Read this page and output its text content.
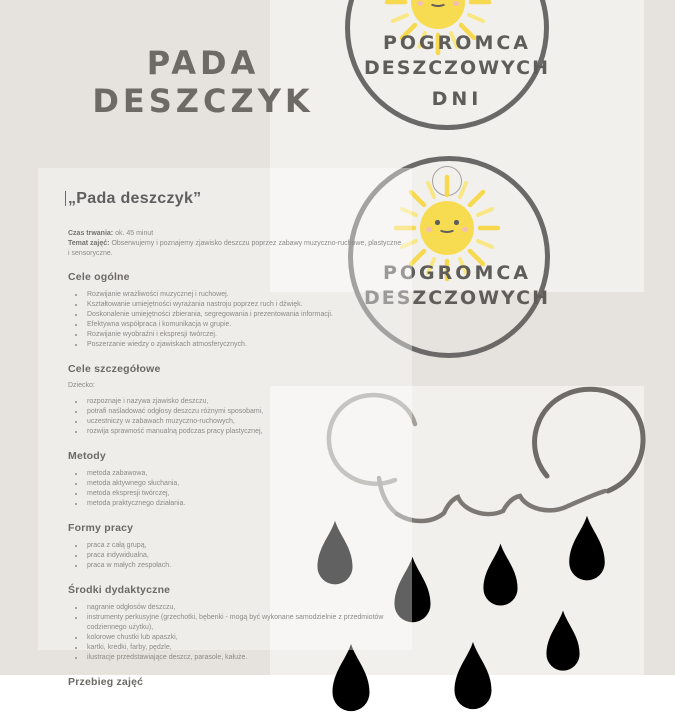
POGROMCA
DESZCZOWYCH
DNI
POGROMCA
DESZCZOWYCH
PADA
DESZCZYK
„Pada deszczyk”
Czas trwania: ok. 45 minut
Temat zajęć: Obserwujemy i poznajemy zjawisko deszczu poprzez zabawy muzyczno-ruchowe, plastyczne i sensoryczne.
Cele ogólne
• Rozwijanie wrażliwości muzycznej i ruchowej.
• Kształtowanie umiejętności wyrażania nastroju poprzez ruch i dźwięk.
• Doskonalenie umiejętności zbierania, segregowania i prezentowania informacji.
• Efektywna współpraca i komunikacja w grupie.
• Rozwijanie wyobraźni i ekspresji twórczej.
• Poszerzanie wiedzy o zjawiskach atmosferycznych.
Cele szczegółowe

Dziecko:

• rozpoznaje i nazywa zjawisko deszczu,
• potrafi naśladować odgłosy deszczu różnymi sposobami,
• uczestniczy w zabawach muzyczno-ruchowych,
• rozwija sprawność manualną podczas pracy plastycznej,
Metody
• metoda zabawowa,
• metoda aktywnego słuchania,
• metoda ekspresji twórczej,
• metoda praktycznego działania.
Formy pracy
• praca z całą grupą,
• praca indywidualna,
• praca w małych zespołach.
Środki dydaktyczne
• nagranie odgłosów deszczu,
• instrumenty perkusyjne (grzechotki, bębenki - mogą być wykonane samodzielnie z przedmiotów codziennego użytku),
• kolorowe chustki lub apaszki,
• kartki, kredki, farby, pędzle,
• ilustracje przedstawiające deszcz, parasole, kałuże.
Przebieg zajęć
